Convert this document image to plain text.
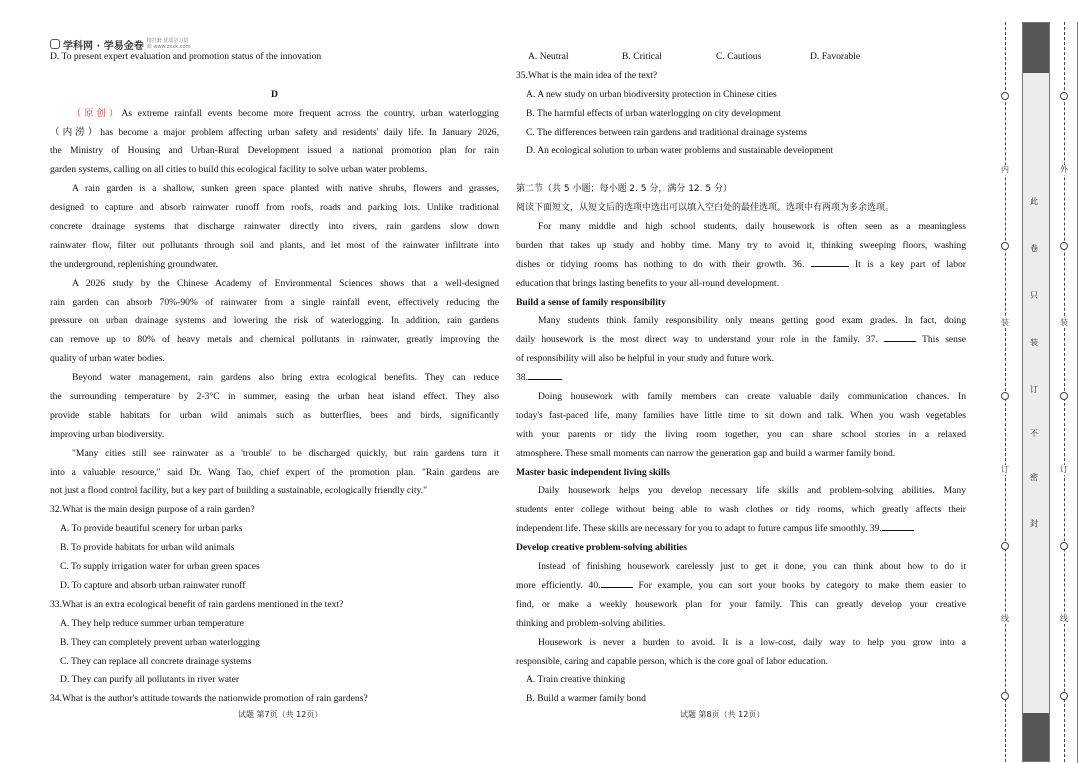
学科网 · 学易金卷 精打磨 优质学习资源 www.zxxk.com
D. To present expert evaluation and promotion status of the innovation
D
（原创）As extreme rainfall events become more frequent across the country, urban waterlogging
（内涝）has become a major problem affecting urban safety and residents' daily life. In January 2026,
the Ministry of Housing and Urban-Rural Development issued a national promotion plan for rain
garden systems, calling on all cities to build this ecological facility to solve urban water problems.
A rain garden is a shallow, sunken green space planted with native shrubs, flowers and grasses,
designed to capture and absorb rainwater runoff from roofs, roads and parking lots. Unlike traditional
concrete drainage systems that discharge rainwater directly into rivers, rain gardens slow down
rainwater flow, filter out pollutants through soil and plants, and let most of the rainwater infiltrate into
the underground, replenishing groundwater.
A 2026 study by the Chinese Academy of Environmental Sciences shows that a well-designed
rain garden can absorb 70%-90% of rainwater from a single rainfall event, effectively reducing the
pressure on urban drainage systems and lowering the risk of waterlogging. In addition, rain gardens
can remove up to 80% of heavy metals and chemical pollutants in rainwater, greatly improving the
quality of urban water bodies.
Beyond water management, rain gardens also bring extra ecological benefits. They can reduce
the surrounding temperature by 2-3°C in summer, easing the urban heat island effect. They also
provide stable habitats for urban wild animals such as butterflies, bees and birds, significantly
improving urban biodiversity.
"Many cities still see rainwater as a 'trouble' to be discharged quickly, but rain gardens turn it
into a valuable resource," said Dr. Wang Tao, chief expert of the promotion plan. "Rain gardens are
not just a flood control facility, but a key part of building a sustainable, ecologically friendly city."
32.What is the main design purpose of a rain garden?
A. To provide beautiful scenery for urban parks
B. To provide habitats for urban wild animals
C. To supply irrigation water for urban green spaces
D. To capture and absorb urban rainwater runoff
33.What is an extra ecological benefit of rain gardens mentioned in the text?
A. They help reduce summer urban temperature
B. They can completely prevent urban waterlogging
C. They can replace all concrete drainage systems
D. They can purify all pollutants in river water
34.What is the author's attitude towards the nationwide promotion of rain gardens?
试题 第7页（共 12页）
A. Neutral	B. Critical	C. Cautious	D. Favorable
35.What is the main idea of the text?
A. A new study on urban biodiversity protection in Chinese cities
B. The harmful effects of urban waterlogging on city development
C. The differences between rain gardens and traditional drainage systems
D. An ecological solution to urban water problems and sustainable development
第二节（共 5 小题；每小题 2. 5 分，满分 12. 5 分）
阅读下面短文，从短文后的选项中选出可以填入空白处的最佳选项。选项中有两项为多余选项。
For many middle and high school students, daily housework is often seen as a meaningless
burden that takes up study and hobby time. Many try to avoid it, thinking sweeping floors, washing
dishes or tidying rooms has nothing to do with their growth. 36.	It is a key part of labor
education that brings lasting benefits to your all-round development.
Build a sense of family responsibility
Many students think family responsibility only means getting good exam grades. In fact, doing
daily housework is the most direct way to understand your role in the family. 37.	This sense
of responsibility will also be helpful in your study and future work.
38.
Doing housework with family members can create valuable daily communication chances. In
today's fast-paced life, many families have little time to sit down and talk. When you wash vegetables
with your parents or tidy the living room together, you can share school stories in a relaxed
atmosphere. These small moments can narrow the generation gap and build a warmer family bond.
Master basic independent living skills
Daily housework helps you develop necessary life skills and problem-solving abilities. Many
students enter college without being able to wash clothes or tidy rooms, which greatly affects their
independent life. These skills are necessary for you to adapt to future campus life smoothly. 39.
Develop creative problem-solving abilities
Instead of finishing housework carelessly just to get it done, you can think about how to do it
more efficiently. 40.	For example, you can sort your books by category to make them easier to
find, or make a weekly housework plan for your family. This can greatly develop your creative
thinking and problem-solving abilities.
Housework is never a burden to avoid. It is a low-cost, daily way to help you grow into a
responsible, caring and capable person, which is the core goal of labor education.
A. Train creative thinking
B. Build a warmer family bond
试题 第8页（共 12页）
内
装
订
线
外
装
订
线
此
卷
只
装
订
不
密
封
